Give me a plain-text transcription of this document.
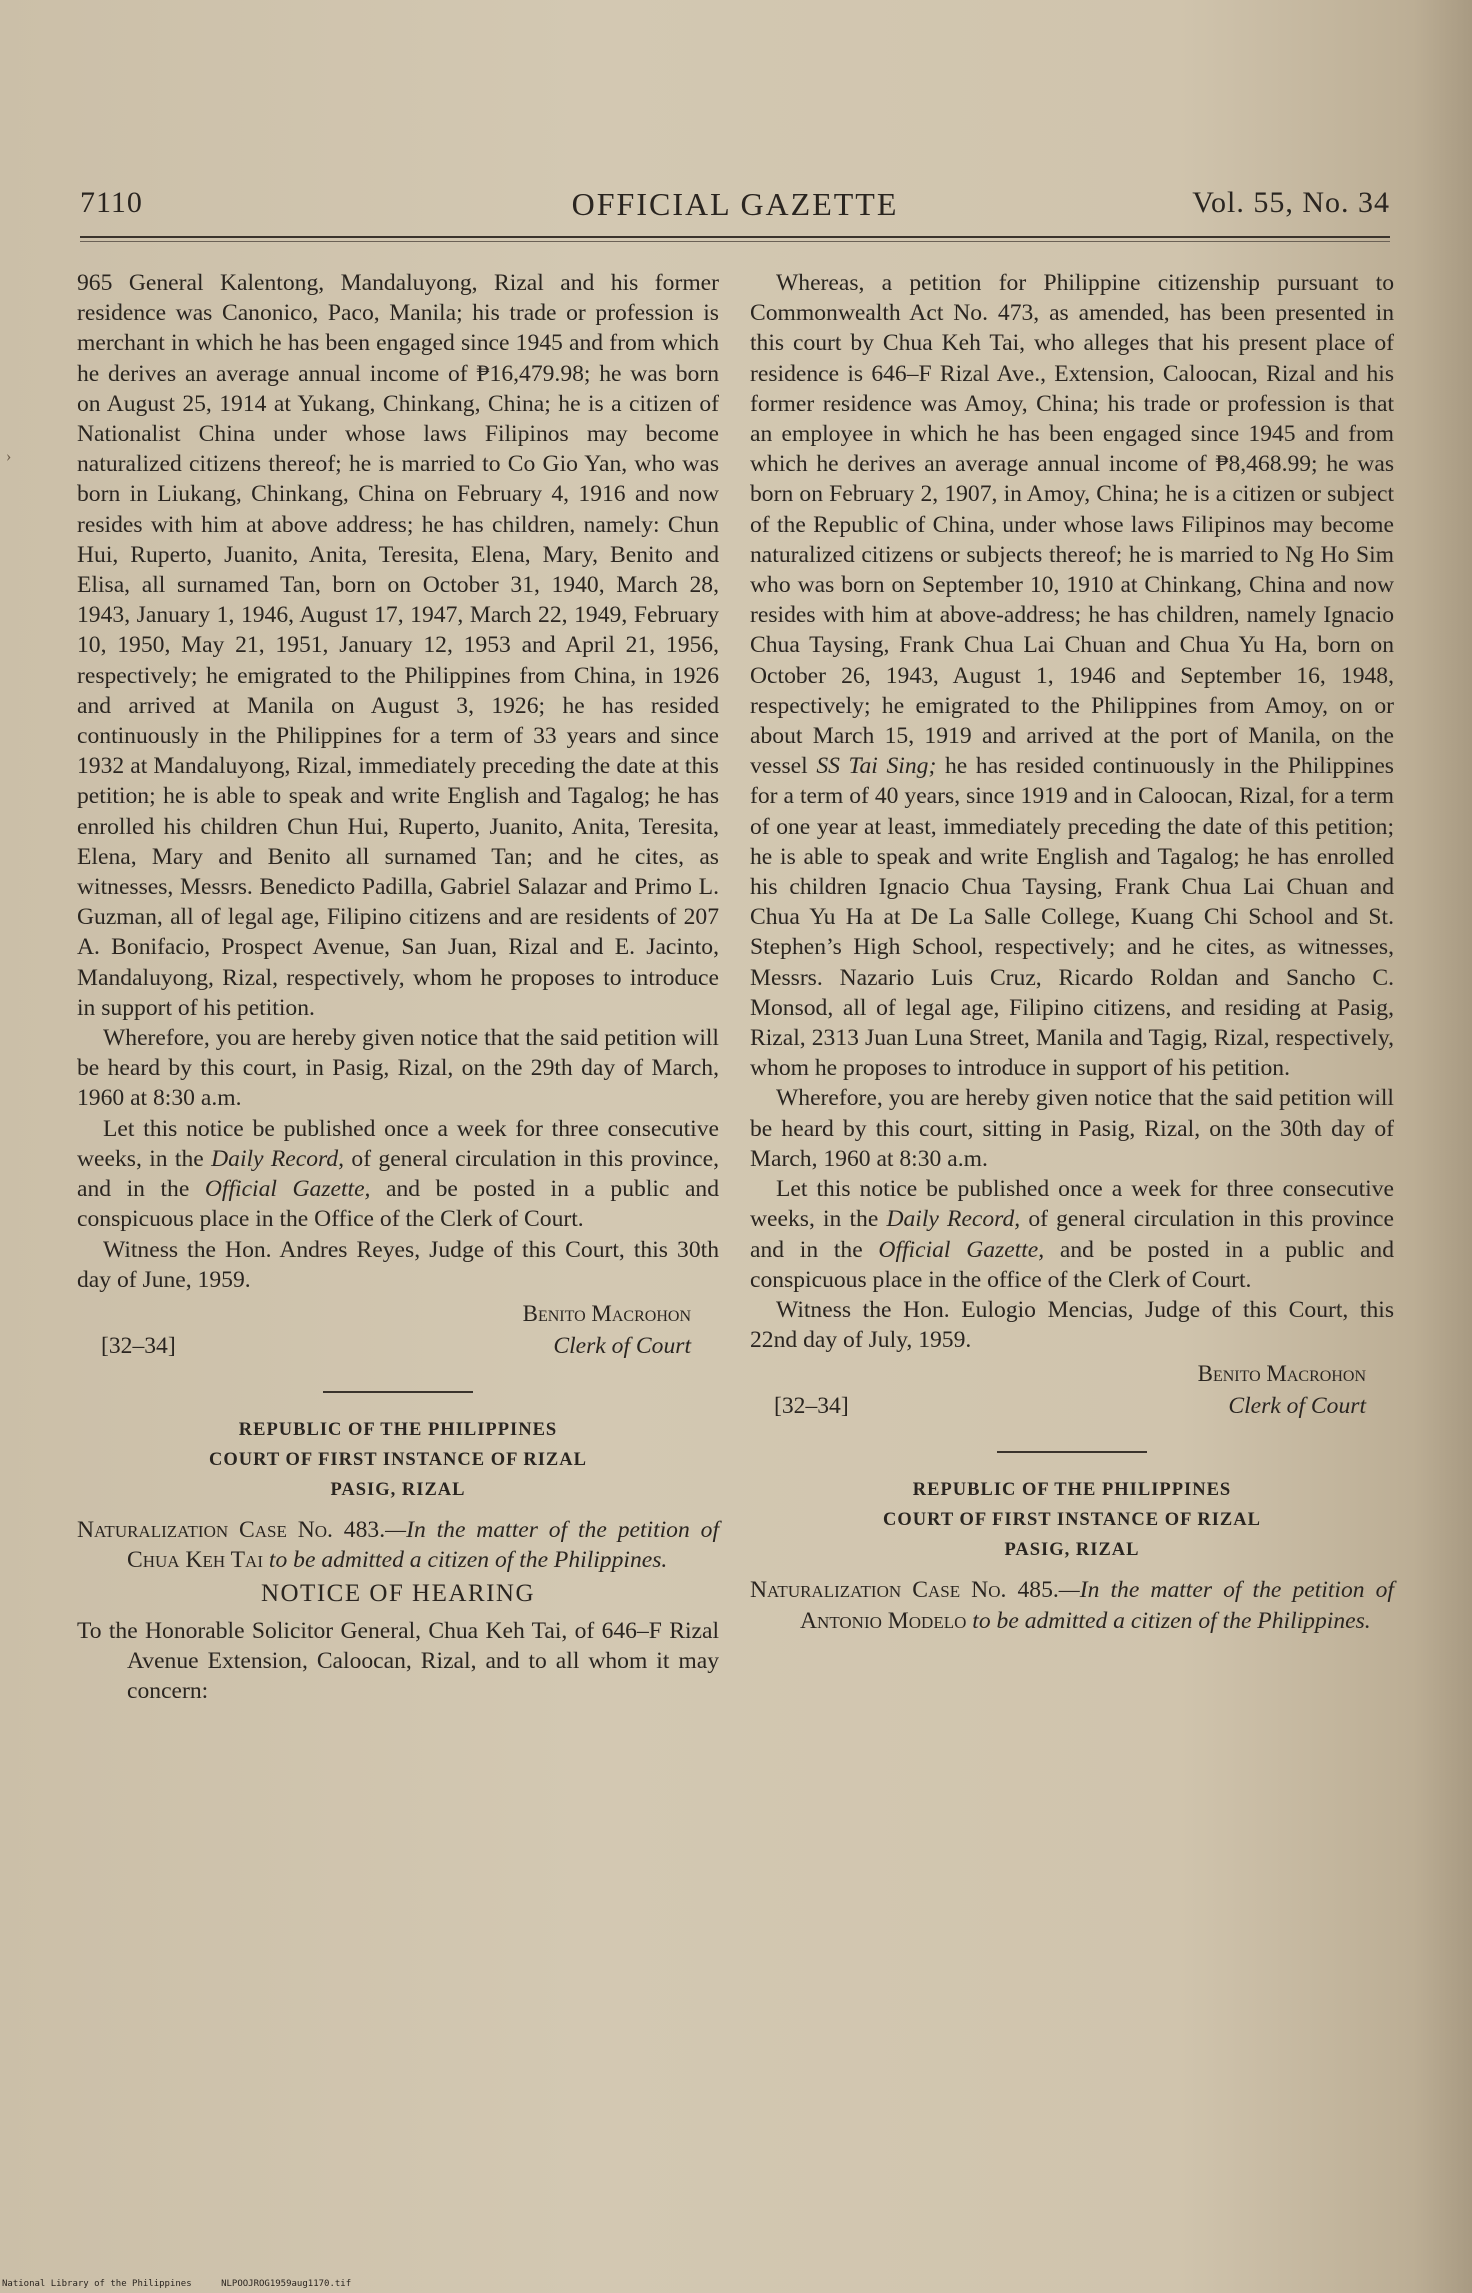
7110	OFFICIAL GAZETTE	Vol. 55, No. 34

965 General Kalentong, Mandaluyong, Rizal and his former residence was Canonico, Paco, Manila; his trade or profession is merchant in which he has been engaged since 1945 and from which he derives an average annual income of ₱16,479.98; he was born on August 25, 1914 at Yukang, Chinkang, China; he is a citizen of Nationalist China under whose laws Filipinos may become naturalized citizens thereof; he is married to Co Gio Yan, who was born in Liukang, Chinkang, China on February 4, 1916 and now resides with him at above address; he has children, namely: Chun Hui, Ruperto, Juanito, Anita, Teresita, Elena, Mary, Benito and Elisa, all surnamed Tan, born on October 31, 1940, March 28, 1943, January 1, 1946, August 17, 1947, March 22, 1949, February 10, 1950, May 21, 1951, January 12, 1953 and April 21, 1956, respectively; he emigrated to the Philippines from China, in 1926 and arrived at Manila on August 3, 1926; he has resided continuously in the Philippines for a term of 33 years and since 1932 at Mandaluyong, Rizal, immediately preceding the date at this petition; he is able to speak and write English and Tagalog; he has enrolled his children Chun Hui, Ruperto, Juanito, Anita, Teresita, Elena, Mary and Benito all surnamed Tan; and he cites, as witnesses, Messrs. Benedicto Padilla, Gabriel Salazar and Primo L. Guzman, all of legal age, Filipino citizens and are residents of 207 A. Bonifacio, Prospect Avenue, San Juan, Rizal and E. Jacinto, Mandaluyong, Rizal, respectively, whom he proposes to introduce in support of his petition.

Wherefore, you are hereby given notice that the said petition will be heard by this court, in Pasig, Rizal, on the 29th day of March, 1960 at 8:30 a.m.

Let this notice be published once a week for three consecutive weeks, in the Daily Record, of general circulation in this province, and in the Official Gazette, and be posted in a public and conspicuous place in the Office of the Clerk of Court.

Witness the Hon. Andres Reyes, Judge of this Court, this 30th day of June, 1959.

Benito Macrohon
[32–34]	Clerk of Court
REPUBLIC OF THE PHILIPPINES
COURT OF FIRST INSTANCE OF RIZAL
PASIG, RIZAL
Naturalization Case No. 483.—In the matter of the petition of Chua Keh Tai to be admitted a citizen of the Philippines.
NOTICE OF HEARING
To the Honorable Solicitor General, Chua Keh Tai, of 646–F Rizal Avenue Extension, Caloocan, Rizal, and to all whom it may concern:

Whereas, a petition for Philippine citizenship pursuant to Commonwealth Act No. 473, as amended, has been presented in this court by Chua Keh Tai, who alleges that his present place of residence is 646–F Rizal Ave., Extension, Caloocan, Rizal and his former residence was Amoy, China; his trade or profession is that an employee in which he has been engaged since 1945 and from which he derives an average annual income of ₱8,468.99; he was born on February 2, 1907, in Amoy, China; he is a citizen or subject of the Republic of China, under whose laws Filipinos may become naturalized citizens or subjects thereof; he is married to Ng Ho Sim who was born on September 10, 1910 at Chinkang, China and now resides with him at above-address; he has children, namely Ignacio Chua Taysing, Frank Chua Lai Chuan and Chua Yu Ha, born on October 26, 1943, August 1, 1946 and September 16, 1948, respectively; he emigrated to the Philippines from Amoy, on or about March 15, 1919 and arrived at the port of Manila, on the vessel SS Tai Sing; he has resided continuously in the Philippines for a term of 40 years, since 1919 and in Caloocan, Rizal, for a term of one year at least, immediately preceding the date of this petition; he is able to speak and write English and Tagalog; he has enrolled his children Ignacio Chua Taysing, Frank Chua Lai Chuan and Chua Yu Ha at De La Salle College, Kuang Chi School and St. Stephen’s High School, respectively; and he cites, as witnesses, Messrs. Nazario Luis Cruz, Ricardo Roldan and Sancho C. Monsod, all of legal age, Filipino citizens, and residing at Pasig, Rizal, 2313 Juan Luna Street, Manila and Tagig, Rizal, respectively, whom he proposes to introduce in support of his petition.

Wherefore, you are hereby given notice that the said petition will be heard by this court, sitting in Pasig, Rizal, on the 30th day of March, 1960 at 8:30 a.m.

Let this notice be published once a week for three consecutive weeks, in the Daily Record, of general circulation in this province and in the Official Gazette, and be posted in a public and conspicuous place in the office of the Clerk of Court.

Witness the Hon. Eulogio Mencias, Judge of this Court, this 22nd day of July, 1959.

Benito Macrohon
[32–34]	Clerk of Court
REPUBLIC OF THE PHILIPPINES
COURT OF FIRST INSTANCE OF RIZAL
PASIG, RIZAL
Naturalization Case No. 485.—In the matter of the petition of Antonio Modelo to be admitted a citizen of the Philippines.
›
National Library of the Philippines	NLPOOJROG1959aug1170.tif
